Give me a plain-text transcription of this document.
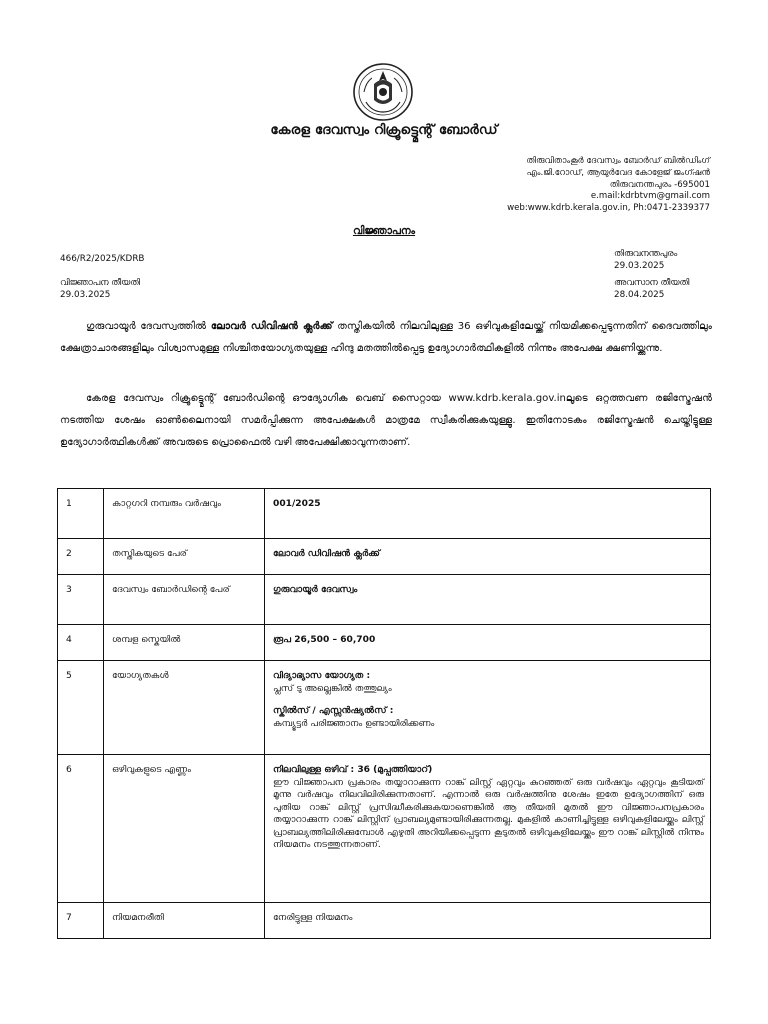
കേരള ദേവസ്വം റിക്രൂട്ട്മെന്റ് ബോർഡ്
തിരുവിതാംകൂർ ദേവസ്വം ബോർഡ് ബിൽഡിംഗ്
എം.ജി.റോഡ്, ആയുർവേദ കോളേജ് ജംഗ്ഷൻ
തിരുവനന്തപുരം -695001
e.mail:kdrbtvm@gmail.com
web:www.kdrb.kerala.gov.in, Ph:0471-2339377
വിജ്ഞാപനം
466/R2/2025/KDRB	തിരുവനന്തപുരം
29.03.2025
വിജ്ഞാപന തീയതി
29.03.2025
അവസാന തീയതി
28.04.2025
ഗുരുവായൂർ ദേവസ്വത്തിൽ ലോവർ ഡിവിഷൻ ക്ലർക്ക് തസ്തികയിൽ നിലവിലുള്ള 36 ഒഴിവുകളിലേയ്ക്ക് നിയമിക്കപ്പെടുന്നതിന് ദൈവത്തിലും ക്ഷേത്രാചാരങ്ങളിലും വിശ്വാസമുള്ള നിശ്ചിതയോഗ്യതയുള്ള ഹിന്ദു മതത്തിൽപ്പെട്ട ഉദ്യോഗാർത്ഥികളിൽ നിന്നും അപേക്ഷ ക്ഷണിയ്ക്കുന്നു.
കേരള ദേവസ്വം റിക്രൂട്ട്മെന്റ് ബോർഡിന്റെ ഔദ്യോഗിക വെബ് സൈറ്റായ www.kdrb.kerala.gov.inലൂടെ ഒറ്റത്തവണ രജിസ്ട്രേഷൻ നടത്തിയ ശേഷം ഓൺലൈനായി സമർപ്പിക്കുന്ന അപേക്ഷകൾ മാത്രമേ സ്വീകരിക്കുകയുള്ളൂ. ഇതിനോടകം രജിസ്ട്രേഷൻ ചെയ്തിട്ടുള്ള ഉദ്യോഗാർത്ഥികൾക്ക് അവരുടെ പ്രൊഫൈൽ വഴി അപേക്ഷിക്കാവുന്നതാണ്.
1	കാറ്റഗറി നമ്പരും വർഷവും	001/2025
2	തസ്തികയുടെ പേര്	ലോവർ ഡിവിഷൻ ക്ലർക്ക്
3	ദേവസ്വം ബോർഡിന്റെ പേര്	ഗുരുവായൂർ ദേവസ്വം
4	ശമ്പള സ്കെയിൽ	രൂപ 26,500 – 60,700
5	യോഗ്യതകൾ	വിദ്യാഭ്യാസ യോഗ്യത :
പ്ലസ് ടു അല്ലെങ്കിൽ തത്തുല്യം
സ്കിൽസ് / എസ്സൻഷ്യൽസ് :
കമ്പ്യൂട്ടർ പരിജ്ഞാനം ഉണ്ടായിരിക്കണം

6	ഒഴിവുകളുടെ എണ്ണം	നിലവിലുള്ള ഒഴിവ് : 36 (മുപ്പത്തിയാറ്)
ഈ വിജ്ഞാപന പ്രകാരം തയ്യാറാക്കുന്ന റാങ്ക് ലിസ്റ്റ് ഏറ്റവും കുറഞ്ഞത് ഒരു വർഷവും ഏറ്റവും കൂടിയത് മൂന്നു വർഷവും നിലവിലിരിക്കുന്നതാണ്. എന്നാൽ ഒരു വർഷത്തിനു ശേഷം ഇതേ ഉദ്യോഗത്തിന് ഒരു പുതിയ റാങ്ക് ലിസ്റ്റ് പ്രസിദ്ധീകരിക്കുകയാണെങ്കിൽ ആ തീയതി മുതൽ ഈ വിജ്ഞാപനപ്രകാരം തയ്യാറാക്കുന്ന റാങ്ക് ലിസ്റ്റിന് പ്രാബല്യമുണ്ടായിരിക്കുന്നതല്ല. മുകളിൽ കാണിച്ചിട്ടുള്ള ഒഴിവുകളിലേയ്ക്കും ലിസ്റ്റ് പ്രാബല്യത്തിലിരിക്കുമ്പോൾ എഴുതി അറിയിക്കപ്പെടുന്ന കൂടുതൽ ഒഴിവുകളിലേയ്ക്കും ഈ റാങ്ക് ലിസ്റ്റിൽ നിന്നും നിയമനം നടത്തുന്നതാണ്.

7	നിയമനരീതി	നേരിട്ടുള്ള നിയമനം
